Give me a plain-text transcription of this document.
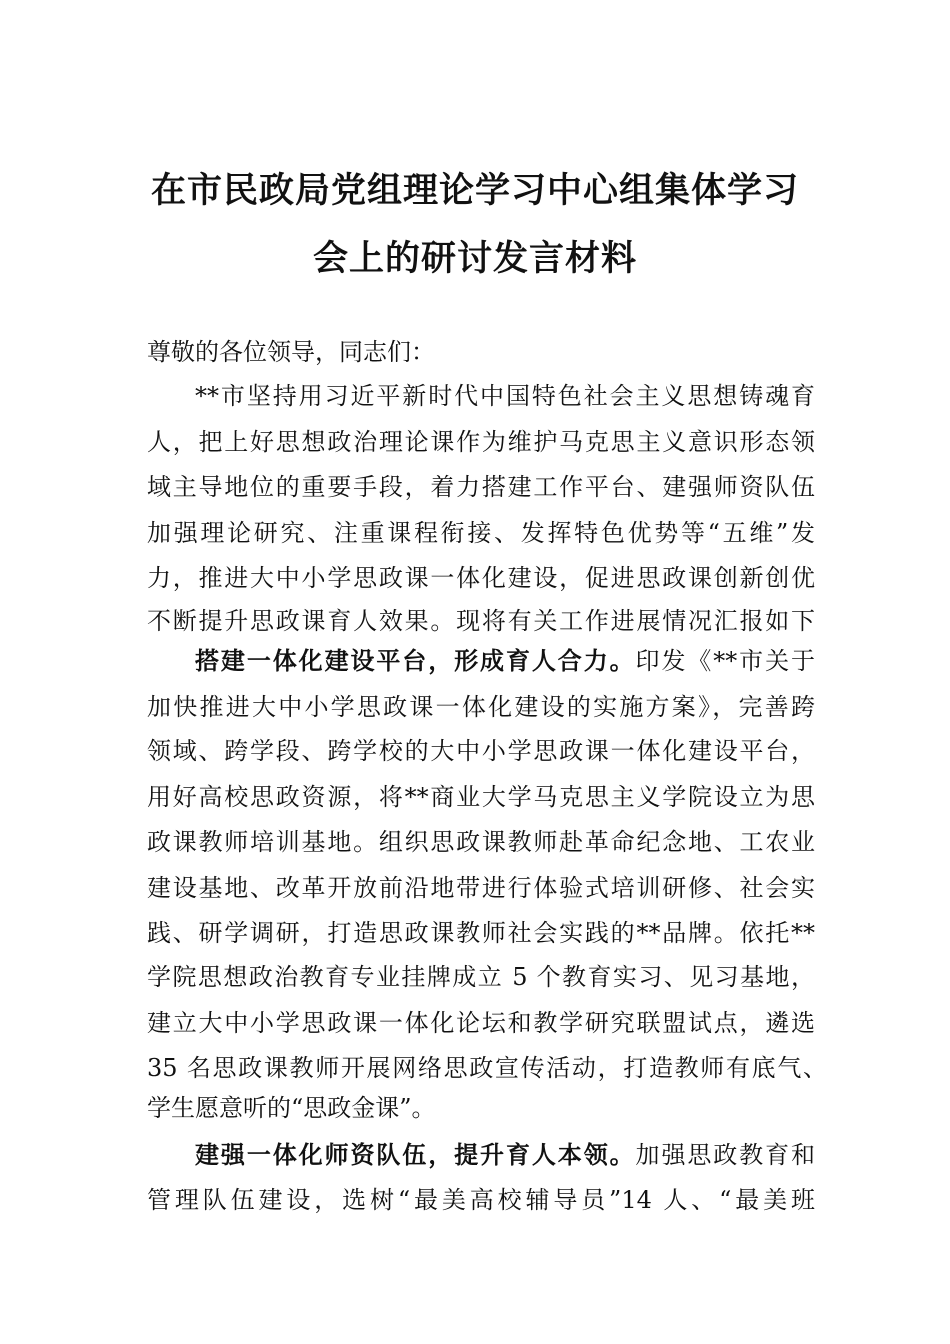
在市民政局党组理论学习中心组集体学习
会上的研讨发言材料
尊敬的各位领导，同志们：
**市坚持用习近平新时代中国特色社会主义思想铸魂育
人，把上好思想政治理论课作为维护马克思主义意识形态领
域主导地位的重要手段，着力搭建工作平台、建强师资队伍
加强理论研究、注重课程衔接、发挥特色优势等“五维”发
力，推进大中小学思政课一体化建设，促进思政课创新创优
不断提升思政课育人效果。现将有关工作进展情况汇报如下
搭建一体化建设平台，形成育人合力。印发《**市关于
加快推进大中小学思政课一体化建设的实施方案》，完善跨
领域、跨学段、跨学校的大中小学思政课一体化建设平台，
用好高校思政资源，将**商业大学马克思主义学院设立为思
政课教师培训基地。组织思政课教师赴革命纪念地、工农业
建设基地、改革开放前沿地带进行体验式培训研修、社会实
践、研学调研，打造思政课教师社会实践的**品牌。依托**
学院思想政治教育专业挂牌成立 5 个教育实习、见习基地，
建立大中小学思政课一体化论坛和教学研究联盟试点，遴选
35 名思政课教师开展网络思政宣传活动，打造教师有底气、
学生愿意听的“思政金课”。
建强一体化师资队伍，提升育人本领。加强思政教育和
管理队伍建设，选树“最美高校辅导员”14 人、“最美班
